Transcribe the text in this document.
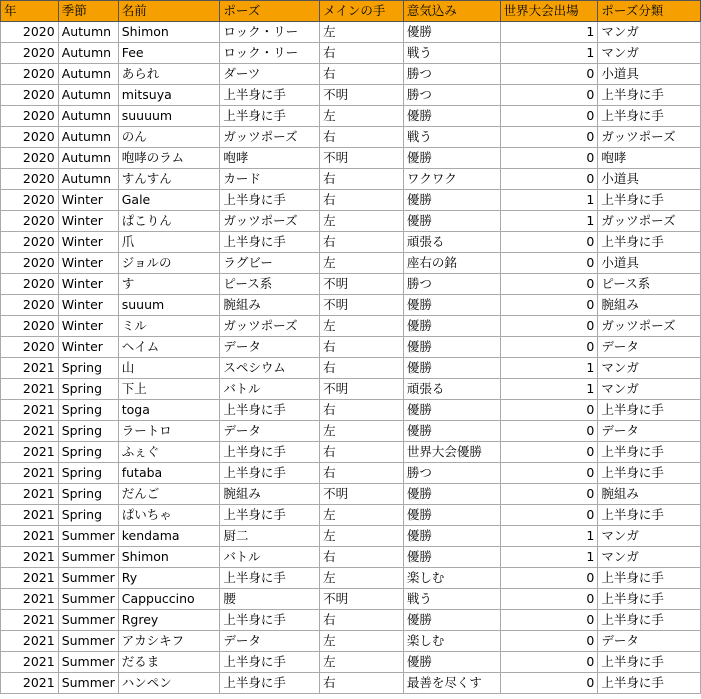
年	季節	名前	ポーズ	メインの手	意気込み	世界大会出場	ポーズ分類
2020	Autumn	Shimon	ロック・リー	左	優勝	1	マンガ
2020	Autumn	Fee	ロック・リー	右	戦う	1	マンガ
2020	Autumn	あられ	ダーツ	右	勝つ	0	小道具
2020	Autumn	mitsuya	上半身に手	不明	勝つ	0	上半身に手
2020	Autumn	suuuum	上半身に手	左	優勝	0	上半身に手
2020	Autumn	のん	ガッツポーズ	右	戦う	0	ガッツポーズ
2020	Autumn	咆哮のラム	咆哮	不明	優勝	0	咆哮
2020	Autumn	すんすん	カード	右	ワクワク	0	小道具
2020	Winter	Gale	上半身に手	右	優勝	1	上半身に手
2020	Winter	ぱこりん	ガッツポーズ	左	優勝	1	ガッツポーズ
2020	Winter	爪	上半身に手	右	頑張る	0	上半身に手
2020	Winter	ジョルの	ラグビー	左	座右の銘	0	小道具
2020	Winter	す	ピース系	不明	勝つ	0	ピース系
2020	Winter	suuum	腕組み	不明	優勝	0	腕組み
2020	Winter	ミル	ガッツポーズ	左	優勝	0	ガッツポーズ
2020	Winter	ヘイム	データ	右	優勝	0	データ
2021	Spring	山	スペシウム	右	優勝	1	マンガ
2021	Spring	下上	バトル	不明	頑張る	1	マンガ
2021	Spring	toga	上半身に手	右	優勝	0	上半身に手
2021	Spring	ラートロ	データ	左	優勝	0	データ
2021	Spring	ふぇぐ	上半身に手	右	世界大会優勝	0	上半身に手
2021	Spring	futaba	上半身に手	右	勝つ	0	上半身に手
2021	Spring	だんご	腕組み	不明	優勝	0	腕組み
2021	Spring	ぱいちゃ	上半身に手	左	優勝	0	上半身に手
2021	Summer	kendama	厨二	左	優勝	1	マンガ
2021	Summer	Shimon	バトル	右	優勝	1	マンガ
2021	Summer	Ry	上半身に手	左	楽しむ	0	上半身に手
2021	Summer	Cappuccino	腰	不明	戦う	0	上半身に手
2021	Summer	Rgrey	上半身に手	右	優勝	0	上半身に手
2021	Summer	アカシキフ	データ	左	楽しむ	0	データ
2021	Summer	だるま	上半身に手	左	優勝	0	上半身に手
2021	Summer	ハンペン	上半身に手	右	最善を尽くす	0	上半身に手
